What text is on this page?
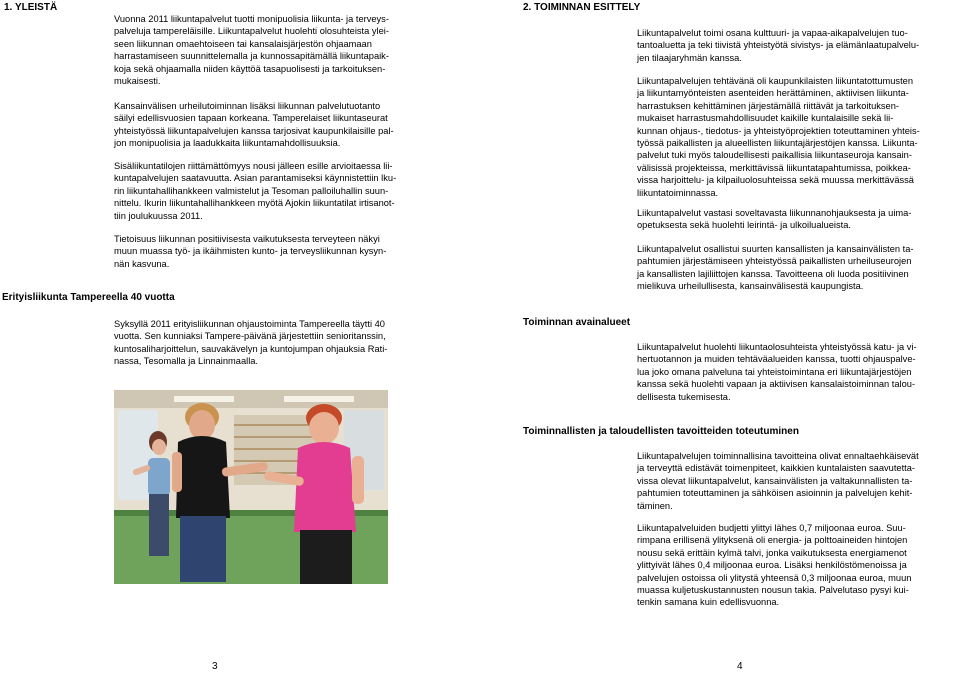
1. YLEISTÄ
Vuonna 2011 liikuntapalvelut tuotti monipuolisia liikunta- ja terveys-
palveluja tampereläisille. Liikuntapalvelut huolehti olosuhteista ylei-
seen liikunnan omaehtoiseen tai kansalaisjärjestön ohjaamaan
harrastamiseen suunnittelemalla ja kunnossapitämällä liikuntapaik-
koja sekä ohjaamalla niiden käyttöä tasapuolisesti ja tarkoituksen-
mukaisesti.
Kansainvälisen urheilutoiminnan lisäksi liikunnan palvelutuotanto
säilyi edellisvuosien tapaan korkeana. Tamperelaiset liikuntaseurat
yhteistyössä liikuntapalvelujen kanssa tarjosivat kaupunkilaisille pal-
jon monipuolisia ja laadukkaita liikuntamahdollisuuksia.
Sisäliikuntatilojen riittämättömyys nousi jälleen esille arvioitaessa lii-
kuntapalvelujen saatavuutta. Asian parantamiseksi käynnistettiin lku-
rin liikuntahallihankkeen valmistelut ja Tesoman palloiluhallin suun-
nittelu. Ikurin liikuntahallihankkeen myötä Ajokin liikuntatilat irtisanot-
tiin joulukuussa 2011.
Tietoisuus liikunnan positiivisesta vaikutuksesta terveyteen näkyi
muun muassa työ- ja ikäihmisten kunto- ja terveysliikunnan kysyn-
nän kasvuna.
Erityisliikunta Tampereella 40 vuotta
Syksyllä 2011 erityisliikunnan ohjaustoiminta Tampereella täytti 40
vuotta. Sen kunniaksi Tampere-päivänä järjestettiin senioritanssin,
kuntosaliharjoittelun, sauvakävelyn ja kuntojumpan ohjauksia Rati-
nassa, Tesomalla ja Linnainmaalla.
3
2. TOIMINNAN ESITTELY
Liikuntapalvelut toimi osana kulttuuri- ja vapaa-aikapalvelujen tuo-
tantoaluetta ja teki tiivistä yhteistyötä sivistys- ja elämänlaatupalvelu-
jen tilaajaryhmän kanssa.
Liikuntapalvelujen tehtävänä oli kaupunkilaisten liikuntatottumusten
ja liikuntamyönteisten asenteiden herättäminen, aktiivisen liikunta-
harrastuksen kehittäminen järjestämällä riittävät ja tarkoituksen-
mukaiset harrastusmahdollisuudet kaikille kuntalaisille sekä lii-
kunnan ohjaus-, tiedotus- ja yhteistyöprojektien toteuttaminen yhteis-
työssä paikallisten ja alueellisten liikuntajärjestöjen kanssa. Liikunta-
palvelut tuki myös taloudellisesti paikallisia liikuntaseuroja kansain-
välisissä projekteissa, merkittävissä liikuntatapahtumissa, poikkea-
vissa harjoittelu- ja kilpailuolosuhteissa sekä muussa merkittävässä
liikuntatoiminnassa.
Liikuntapalvelut vastasi soveltavasta liikunnanohjauksesta ja uima-
opetuksesta sekä huolehti leirintä- ja ulkoilualueista.
Liikuntapalvelut osallistui suurten kansallisten ja kansainvälisten ta-
pahtumien järjestämiseen yhteistyössä paikallisten urheiluseurojen
ja kansallisten lajiliittojen kanssa. Tavoitteena oli luoda positiivinen
mielikuva urheilullisesta, kansainvälisestä kaupungista.
Toiminnan avainalueet
Liikuntapalvelut huolehti liikuntaolosuhteista yhteistyössä katu- ja vi-
hertuotannon ja muiden tehtäväalueiden kanssa, tuotti ohjauspalve-
lua joko omana palveluna tai yhteistoimintana eri liikuntajärjestöjen
kanssa sekä huolehti vapaan ja aktiivisen kansalaistoiminnan talou-
dellisesta tukemisesta.
Toiminnallisten ja taloudellisten tavoitteiden toteutuminen
Liikuntapalvelujen toiminnallisina tavoitteina olivat ennaltaehkäisevät
ja terveyttä edistävät toimenpiteet, kaikkien kuntalaisten saavutetta-
vissa olevat liikuntapalvelut, kansainvälisten ja valtakunnallisten ta-
pahtumien toteuttaminen ja sähköisen asioinnin ja palvelujen kehit-
täminen.
Liikuntapalveluiden budjetti ylittyi lähes 0,7 miljoonaa euroa. Suu-
rimpana erillisenä ylityksenä oli energia- ja polttoaineiden hintojen
nousu sekä erittäin kylmä talvi, jonka vaikutuksesta energiamenot
ylittyivät lähes 0,4 miljoonaa euroa. Lisäksi henkilöstömenoissa ja
palvelujen ostoissa oli ylitystä yhteensä 0,3 miljoonaa euroa, muun
muassa kuljetuskustannusten nousun takia. Palvelutaso pysyi kui-
tenkin samana kuin edellisvuonna.
4
